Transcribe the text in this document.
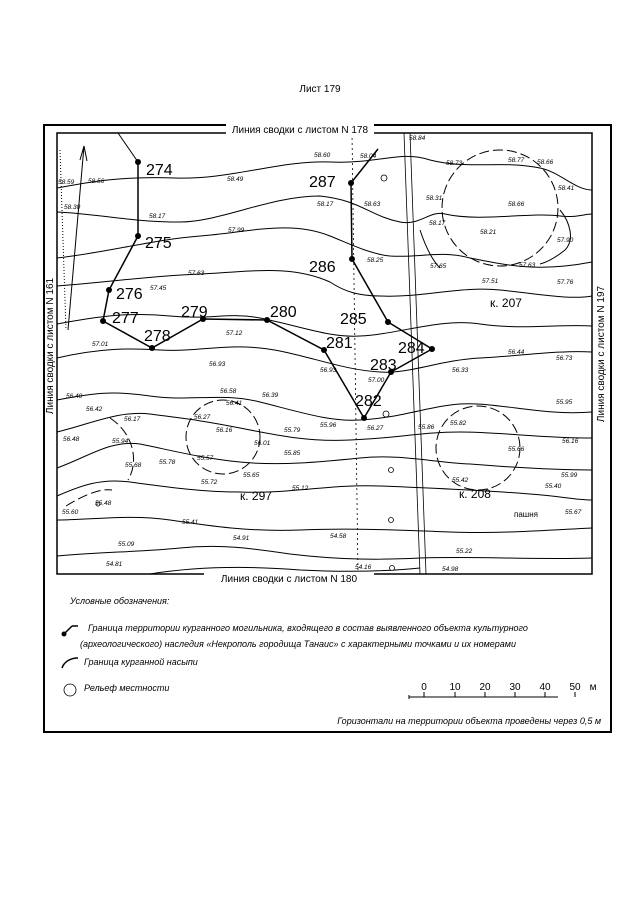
Лист 179
Линия сводки с листом N 178
Линия сводки с листом N 180
Линия сводки с листом N 161	Линия сводки с листом N 197
274
275
276
277
278
279	280
281
282
283
284
285
286
287
к. 207
к. 208
к. 297
пашня
58.60	58.04
58.84
58.73	58.77 58.66
58.49
58.59 58.56
58.30	58.17	58.63
58.31
58.41
58.66
58.17
57.99
58.17
58.21
57.90
58.25
57.65
57.63
57.51	57.76
57.63
57.45
57.12
57.01
56.93
56.93
57.00
56.33
56.44
56.73
56.40
56.42
56.58
56.41
56.39
56.17	56.27
56.16
56.01
55.79
55.96	56.27	55.86
55.82
55.95
56.16
56.48	55.94
55.57
55.85
55.66
55.68	55.78
55.72
55.65
55.60
55.48
55.12
55.42
55.40
55.99
55.41
55.67
55.09
54.91	54.58
55.22
54.81	54.16	54.98
Условные обозначения:
Граница территории курганного могильника, входящего в состав выявленного объекта культурного
(археологического) наследия «Некрополь городища Танаис» с характерными точками и их номерами
Граница курганной насыпи
Рельеф местности	0 10 20 30 40 50 м
Горизонтали на территории объекта проведены через 0,5 м
